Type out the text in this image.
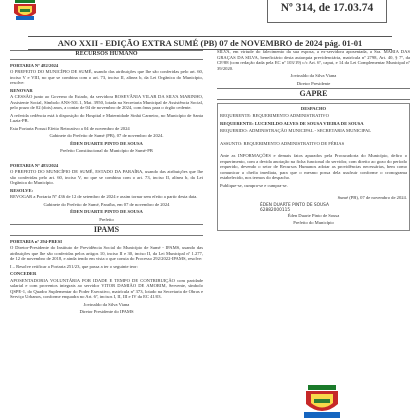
Nº 314, de 17.03.74
ANO XXII - EDIÇÃO EXTRA SUMÉ (PB) 07 de NOVEMBRO de 2024 pág. 01-01
RECURSOS HUMANO
PORTARIA Nº 482/2024
O PREFEITO DO MUNICÍPIO DE SUMÉ, usando das atribuições que lhe são conferidas pelo art. 60, inciso V e VIII, no que se combina com o art. 73, inciso II, alínea b, da Lei Orgânica do Município, resolve:
RENOVAR
A CESSÃO junto ao Governo do Estado, da servidora ROSEVÂNIA VILAR DA SILVA MARINHO, Assistente Social, Símbolo ANS-501.1, Mat. 3950, lotada na Secretaria Municipal de Assistência Social, pelo prazo de 02 (dois) anos, a contar de 04 de novembro de 2024, com ônus para o órgão cedente.
A referida cedência está à disposição do Hospital e Maternidade Sinhá Carneiro, no Município de Santa Luzia-PB.
Esta Portaria Possui Efeito Retroativo a 04 de novembro de 2024
Gabinete do Prefeito de Sumé (PB), 07 de novembro de 2024.
ÉDEN DUARTE PINTO DE SOUSA
Prefeito Constitucional do Município de Sumé-PB
PORTARIA Nº 483/2024
O PREFEITO DO MUNICÍPIO DE SUMÉ, ESTADO DA PARAÍBA, usando das atribuições que lhe são conferidas pelo art. 60, inciso V, no que se combina com o art. 73, inciso II, alínea b, da Lei Orgânica do Município.
RESOLVE:
REVOGAR a Portaria Nº 436 de 12 de setembro de 2024 e assim tornar sem efeito a partir desta data.
Gabinete do Prefeito de Sumé, Paraíba, em 07 de novembro de 2024
ÉDEN DUARTE PINTO DE SOUSA
Prefeito
IPAMS
PORTARIA nº 294-PRESI
O Diretor-Presidente do Instituto de Previdência Social do Município de Sumé - IPAMS, usando das atribuições que lhe são conferidas pelos artigos 10, inciso II e 30, inciso II, da Lei Municipal nº 1.277, de 12 de novembro de 2018, e ainda tendo em vista o que consta do Processo 292/2022-IPAMS, resolve:
I – Resolve retificar a Portaria 251/23, que passa a ter o seguinte teor:
CONCEDER
APOSENTADORIA VOLUNTÁRIA POR IDADE E TEMPO DE CONTRIBUIÇÃO com paridade salarial e com proventos integrais ao servidor VITOR DAMIÃO DE AMORIM, Servente, símbolo QSPE-1, do Quadro Suplementar do Poder Executivo, matrícula nº 373, lotado na Secretaria de Obras e Serviço Urbanos, conforme enquadra no Art. 6º, incisos I, II, III e IV da EC 41/03.
Jovinaldo da Silva Viana
Diretor Presidente do IPAMS
SILVA, em virtude do falecimento da sua esposa, a ex-servidora aposentada, a Sra. MARIA DAS GRAÇAS DA SILVA, beneficiário desta autarquia previdenciária, matrícula nº 2798, Art. 40, § 7º, da CF/88 (com redação dada pela EC nº 103/19) c/c Art. 6º, caput, e 14 da Lei Complementar Municipal nº 39/2020.
Jovinaldo da Silva Viana
Diretor Presidente
GAPRE
DESPACHO
REQUERENTE: REQUERIMENTO ADMINISTRATIVO
REQUERENTE: LUCENILDO ALVES DE SOUSA VIEIRA DE SOUSA
REQUERIDO: ADMINISTRAÇÃO MUNICIPAL - SECRETARIA MUNICIPAL
ASSUNTO: REQUERIMENTO ADMINISTRATIVO DE FÉRIAS
Ante as INFORMAÇÕES e demais fatos apurados pela Procuradoria do Município, defiro o requerimento, com a devida anotação na ficha funcional do servidor, com direito ao gozo do período requerido, devendo o setor de Recursos Humanos adotar as providências necessárias, bem como comunicar a chefia imediata, para que o mesmo possa dela usufruir conforme o cronograma estabelecido, nos termos do despacho.
Publique-se, cumpra-se e cumpra-se.
Sumé (PB), 07 de novembro de 2024.
ÉDEN DUARTE PINTO DE SOUSA
62882000115
Éden Duarte Pinto de Sousa
Prefeito do Município
